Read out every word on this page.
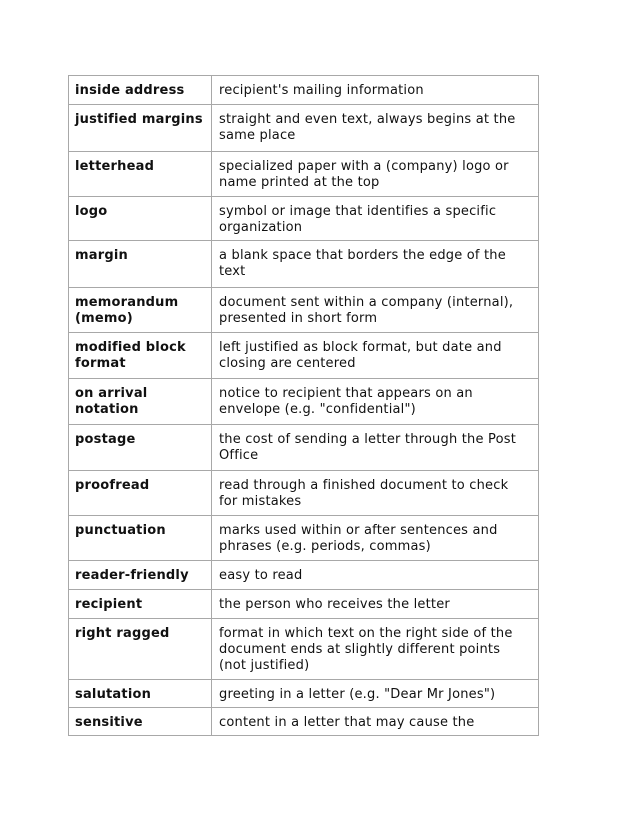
inside address	recipient's mailing information
justified margins	straight and even text, always begins at the same place
letterhead	specialized paper with a (company) logo or name printed at the top
logo	symbol or image that identifies a specific organization
margin	a blank space that borders the edge of the text
memorandum (memo)	document sent within a company (internal), presented in short form
modified block format	left justified as block format, but date and closing are centered
on arrival notation	notice to recipient that appears on an envelope (e.g. "confidential")
postage	the cost of sending a letter through the Post Office
proofread	read through a finished document to check for mistakes
punctuation	marks used within or after sentences and phrases (e.g. periods, commas)
reader-friendly	easy to read
recipient	the person who receives the letter
right ragged	format in which text on the right side of the document ends at slightly different points (not justified)
salutation	greeting in a letter (e.g. "Dear Mr Jones")
sensitive	content in a letter that may cause the
